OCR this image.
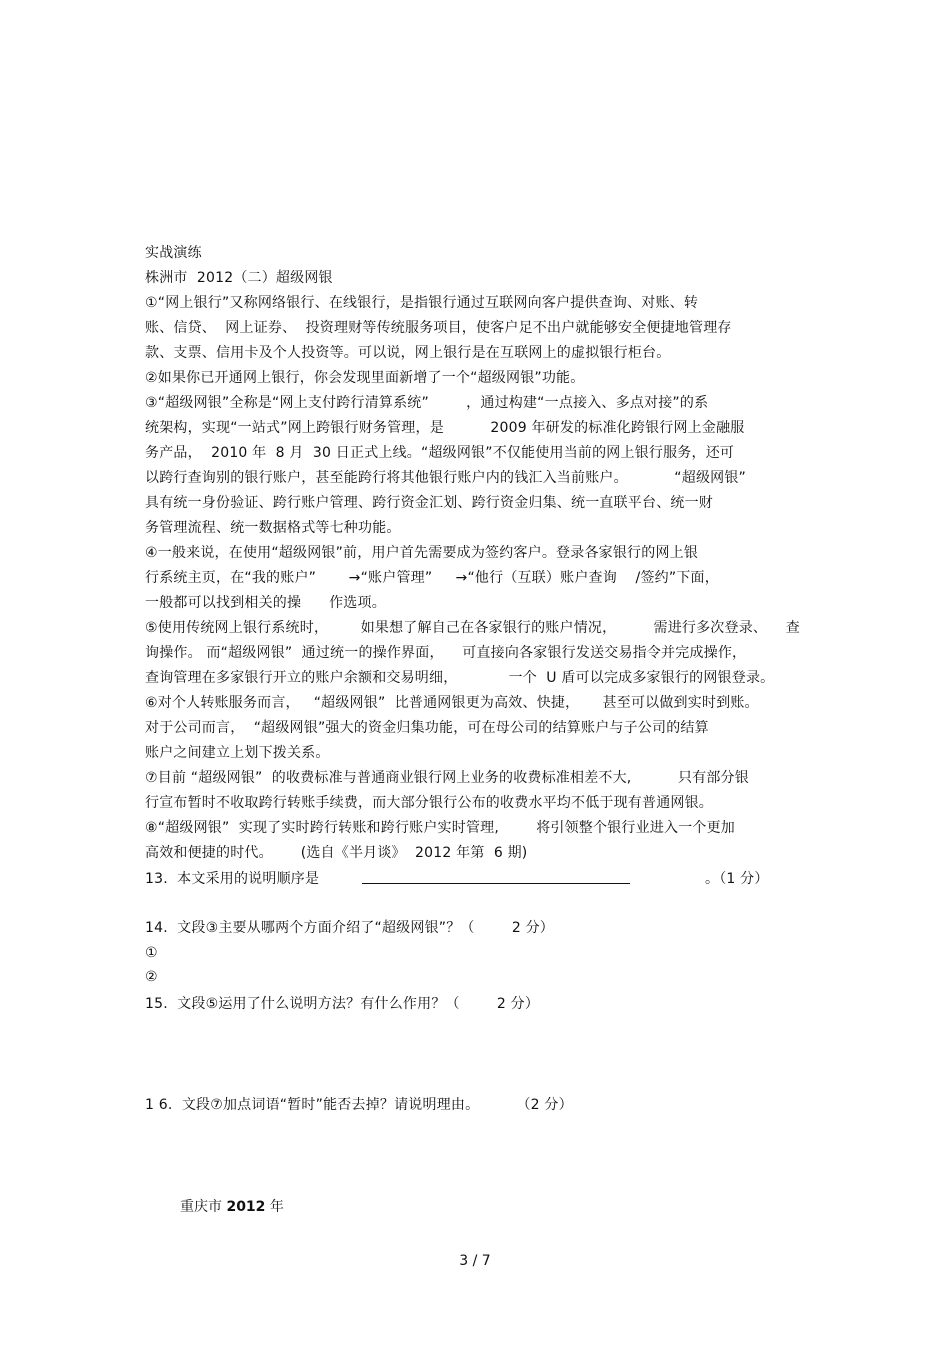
实战演练
株洲市  2012（二）超级网银
①“网上银行”又称网络银行、在线银行，是指银行通过互联网向客户提供查询、对账、转
账、信贷、  网上证券、  投资理财等传统服务项目，使客户足不出户就能够安全便捷地管理存
款、支票、信用卡及个人投资等。可以说，网上银行是在互联网上的虚拟银行柜台。
②如果你已开通网上银行，你会发现里面新增了一个“超级网银”功能。
③“超级网银”全称是“网上支付跨行清算系统”        ，通过构建“一点接入、多点对接”的系
统架构，实现“一站式”网上跨银行财务管理，是          2009 年研发的标准化跨银行网上金融服
务产品，  2010 年  8 月  30 日正式上线。“超级网银”不仅能使用当前的网上银行服务，还可
以跨行查询别的银行账户，甚至能跨行将其他银行账户内的钱汇入当前账户。          “超级网银”
具有统一身份验证、跨行账户管理、跨行资金汇划、跨行资金归集、统一直联平台、统一财
务管理流程、统一数据格式等七种功能。
④一般来说，在使用“超级网银”前，用户首先需要成为签约客户。登录各家银行的网上银
行系统主页，在“我的账户”       →“账户管理”     →“他行（互联）账户查询    /签约”下面，
一般都可以找到相关的操      作选项。
⑤使用传统网上银行系统时，       如果想了解自己在各家银行的账户情况，        需进行多次登录、    查
询操作。 而“超级网银”  通过统一的操作界面，    可直接向各家银行发送交易指令并完成操作，
查询管理在多家银行开立的账户余额和交易明细，           一个  U 盾可以完成多家银行的网银登录。
⑥对个人转账服务而言，   “超级网银”  比普通网银更为高效、快捷，     甚至可以做到实时到账。
对于公司而言，  “超级网银”强大的资金归集功能，可在母公司的结算账户与子公司的结算
账户之间建立上划下拨关系。
⑦目前 “超级网银”  的收费标准与普通商业银行网上业务的收费标准相差不大,          只有部分银
行宣布暂时不收取跨行转账手续费，而大部分银行公布的收费水平均不低于现有普通网银。
⑧“超级网银”  实现了实时跨行转账和跨行账户实时管理,        将引领整个银行业进入一个更加
高效和便捷的时代。      (选自《半月谈》  2012 年第  6 期)
13.  本文采用的说明顺序是	。（1 分）
14.  文段③主要从哪两个方面介绍了“超级网银”？（        2 分）
①
②
15.  文段⑤运用了什么说明方法？有什么作用？（        2 分）
1 6.  文段⑦加点词语“暂时”能否去掉？请说明理由。        （2 分）
重庆市 2012 年
3 / 7
